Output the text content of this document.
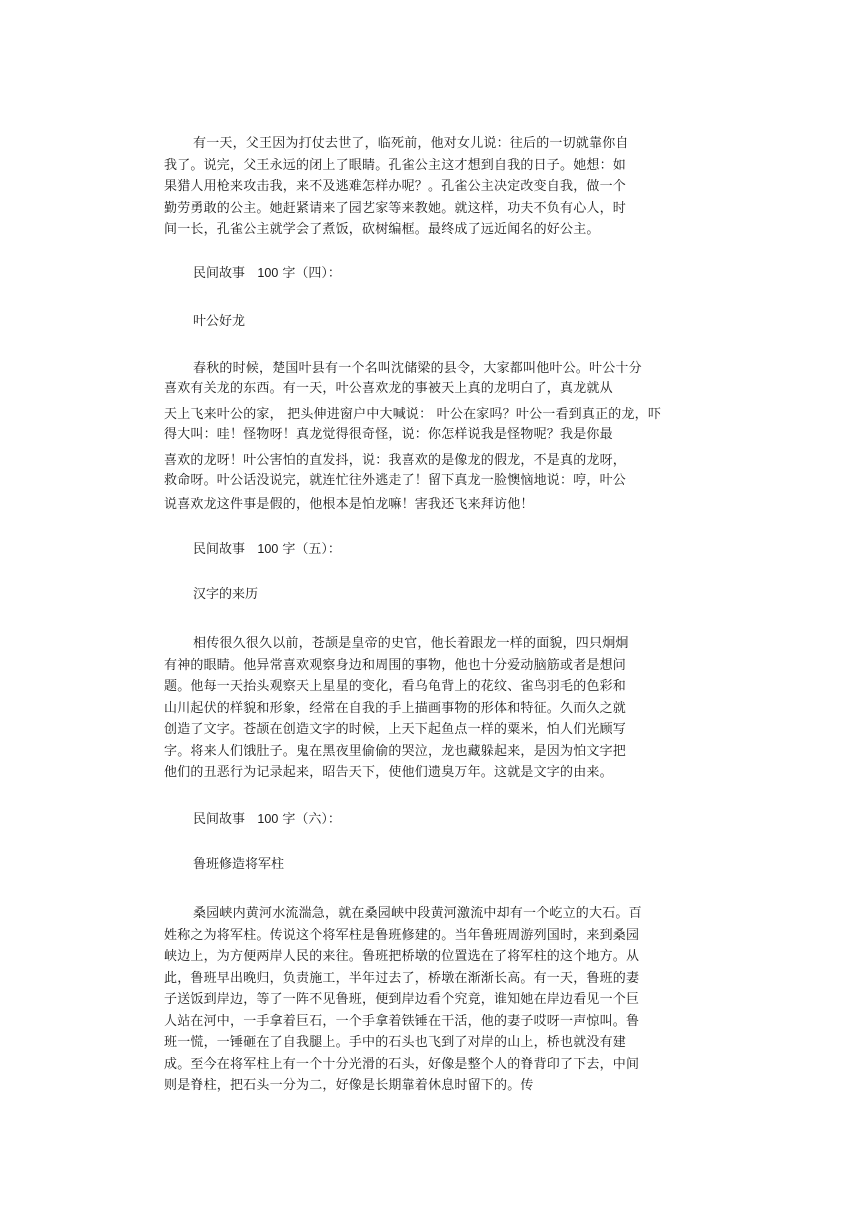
有一天，父王因为打仗去世了，临死前，他对女儿说：往后的一切就靠你自
我了。说完，父王永远的闭上了眼睛。孔雀公主这才想到自我的日子。她想：如
果猎人用枪来攻击我，来不及逃难怎样办呢？。孔雀公主决定改变自我，做一个
勤劳勇敢的公主。她赶紧请来了园艺家等来教她。就这样，功夫不负有心人，时
间一长，孔雀公主就学会了煮饭，砍树编框。最终成了远近闻名的好公主。
民间故事 100 字（四）：
叶公好龙
春秋的时候，楚国叶县有一个名叫沈储梁的县令，大家都叫他叶公。叶公十分
喜欢有关龙的东西。有一天，叶公喜欢龙的事被天上真的龙明白了，真龙就从
天上飞来叶公的家， 把头伸进窗户中大喊说： 叶公在家吗？叶公一看到真正的龙，吓
得大叫：哇！怪物呀！真龙觉得很奇怪，说：你怎样说我是怪物呢？我是你最
喜欢的龙呀！叶公害怕的直发抖，说：我喜欢的是像龙的假龙，不是真的龙呀，
救命呀。叶公话没说完，就连忙往外逃走了！留下真龙一脸懊恼地说：哼，叶公
说喜欢龙这件事是假的，他根本是怕龙嘛！害我还飞来拜访他！
民间故事 100 字（五）：
汉字的来历
相传很久很久以前，苍颉是皇帝的史官，他长着跟龙一样的面貌，四只炯炯
有神的眼睛。他异常喜欢观察身边和周围的事物，他也十分爱动脑筋或者是想问
题。他每一天抬头观察天上星星的变化，看乌龟背上的花纹、雀鸟羽毛的色彩和
山川起伏的样貌和形象，经常在自我的手上描画事物的形体和特征。久而久之就
创造了文字。苍颉在创造文字的时候，上天下起鱼点一样的粟米，怕人们光顾写
字。将来人们饿肚子。鬼在黑夜里偷偷的哭泣，龙也藏躲起来，是因为怕文字把
他们的丑恶行为记录起来，昭告天下，使他们遗臭万年。这就是文字的由来。
民间故事 100 字（六）：
鲁班修造将军柱
桑园峡内黄河水流湍急，就在桑园峡中段黄河激流中却有一个屹立的大石。百
姓称之为将军柱。传说这个将军柱是鲁班修建的。当年鲁班周游列国时，来到桑园
峡边上，为方便两岸人民的来往。鲁班把桥墩的位置选在了将军柱的这个地方。从
此，鲁班早出晚归，负责施工，半年过去了，桥墩在渐渐长高。有一天，鲁班的妻
子送饭到岸边，等了一阵不见鲁班，便到岸边看个究竟，谁知她在岸边看见一个巨
人站在河中，一手拿着巨石，一个手拿着铁锤在干活，他的妻子哎呀一声惊叫。鲁
班一慌，一锤砸在了自我腿上。手中的石头也飞到了对岸的山上，桥也就没有建
成。至今在将军柱上有一个十分光滑的石头，好像是整个人的脊背印了下去，中间
则是脊柱，把石头一分为二，好像是长期靠着休息时留下的。传
